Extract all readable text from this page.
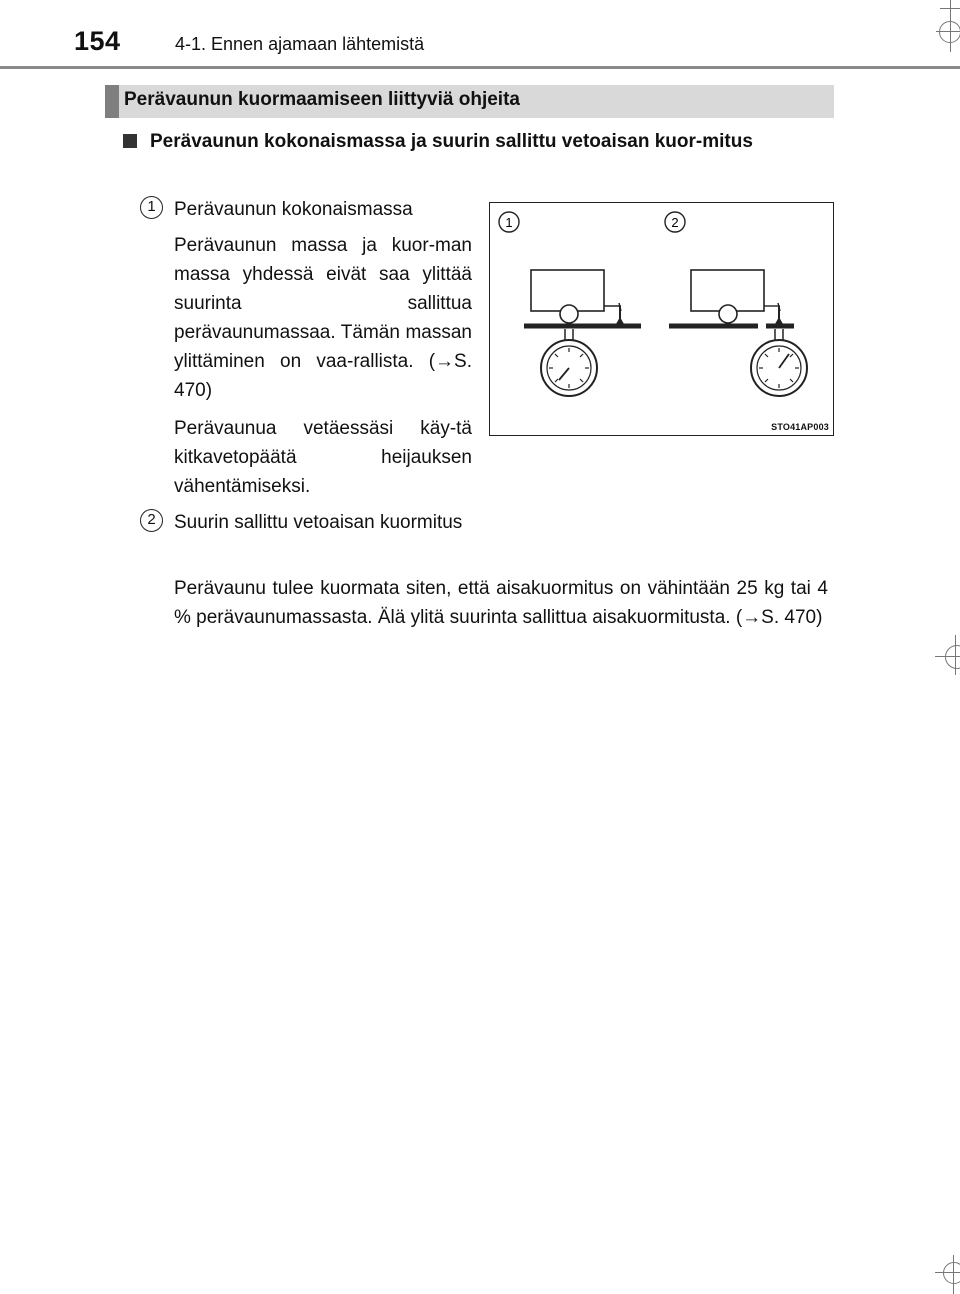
154	4-1. Ennen ajamaan lähtemistä
Perävaunun kuormaamiseen liittyviä ohjeita
Perävaunun kokonaismassa ja suurin sallittu vetoaisan kuor-mitus
1 Perävaunun kokonaismassa
Perävaunun massa ja kuor-man massa yhdessä eivät saa ylittää suurinta sallittua perävaunumassaa. Tämän massan ylittäminen on vaa-rallista. (→S. 470)
Perävaunua vetäessäsi käy-tä kitkavetopäätä heijauksen vähentämiseksi.
2 Suurin sallittu vetoaisan kuormitus
Perävaunu tulee kuormata siten, että aisakuormitus on vähintään 25 kg tai 4 % perävaunumassasta. Älä ylitä suurinta sallittua aisakuormitusta. (→S. 470)
1	2
STO41AP003
